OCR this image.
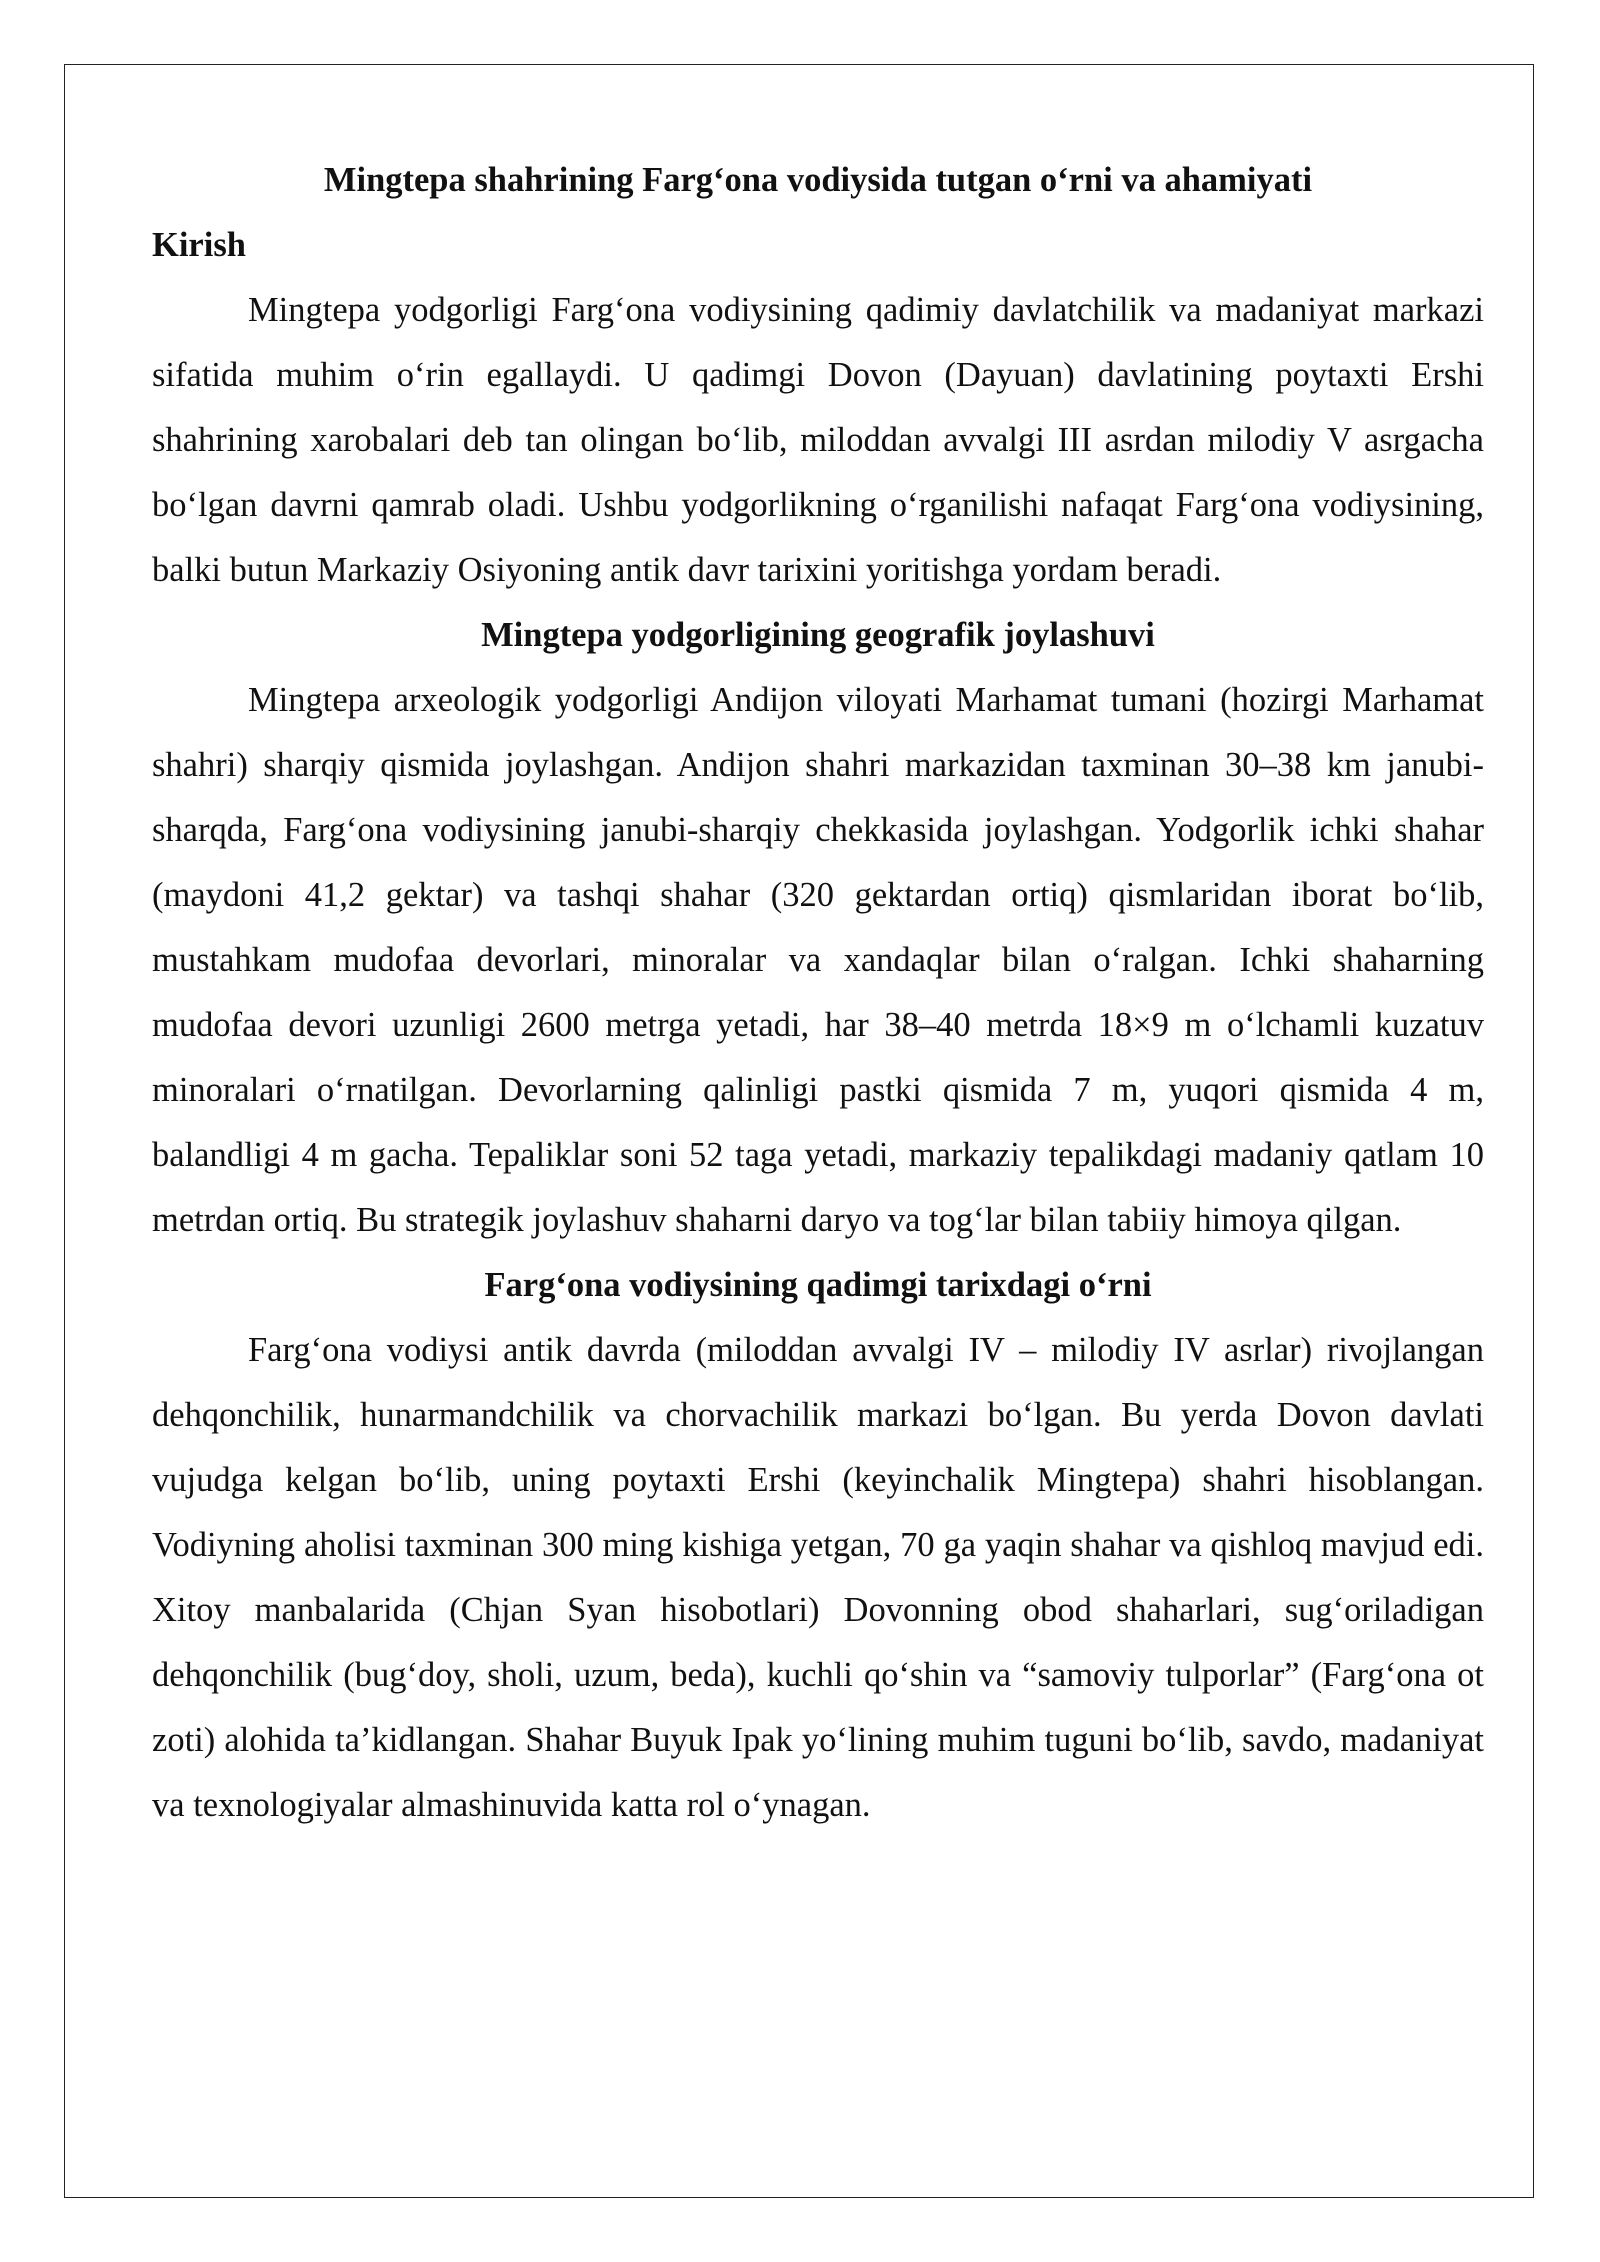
Mingtepa shahrining Farg‘ona vodiysida tutgan o‘rni va ahamiyati
Kirish

Mingtepa yodgorligi Farg‘ona vodiysining qadimiy davlatchilik va madaniyat markazi sifatida muhim o‘rin egallaydi. U qadimgi Dovon (Dayuan) davlatining poytaxti Ershi shahrining xarobalari deb tan olingan bo‘lib, miloddan avvalgi III asrdan milodiy V asrgacha bo‘lgan davrni qamrab oladi. Ushbu yodgorlikning o‘rganilishi nafaqat Farg‘ona vodiysining, balki butun Markaziy Osiyoning antik davr tarixini yoritishga yordam beradi.

Mingtepa yodgorligining geografik joylashuvi

Mingtepa arxeologik yodgorligi Andijon viloyati Marhamat tumani (hozirgi Marhamat shahri) sharqiy qismida joylashgan. Andijon shahri markazidan taxminan 30–38 km janubi-sharqda, Farg‘ona vodiysining janubi-sharqiy chekkasida joylashgan. Yodgorlik ichki shahar (maydoni 41,2 gektar) va tashqi shahar (320 gektardan ortiq) qismlaridan iborat bo‘lib, mustahkam mudofaa devorlari, minoralar va xandaqlar bilan o‘ralgan. Ichki shaharning mudofaa devori uzunligi 2600 metrga yetadi, har 38–40 metrda 18×9 m o‘lchamli kuzatuv minoralari o‘rnatilgan. Devorlarning qalinligi pastki qismida 7 m, yuqori qismida 4 m, balandligi 4 m gacha. Tepaliklar soni 52 taga yetadi, markaziy tepalikdagi madaniy qatlam 10 metrdan ortiq. Bu strategik joylashuv shaharni daryo va tog‘lar bilan tabiiy himoya qilgan.

Farg‘ona vodiysining qadimgi tarixdagi o‘rni

Farg‘ona vodiysi antik davrda (miloddan avvalgi IV – milodiy IV asrlar) rivojlangan dehqonchilik, hunarmandchilik va chorvachilik markazi bo‘lgan. Bu yerda Dovon davlati vujudga kelgan bo‘lib, uning poytaxti Ershi (keyinchalik Mingtepa) shahri hisoblangan. Vodiyning aholisi taxminan 300 ming kishiga yetgan, 70 ga yaqin shahar va qishloq mavjud edi. Xitoy manbalarida (Chjan Syan hisobotlari) Dovonning obod shaharlari, sug‘oriladigan dehqonchilik (bug‘doy, sholi, uzum, beda), kuchli qo‘shin va “samoviy tulporlar” (Farg‘ona ot zoti) alohida ta’kidlangan. Shahar Buyuk Ipak yo‘lining muhim tuguni bo‘lib, savdo, madaniyat va texnologiyalar almashinuvida katta rol o‘ynagan.
